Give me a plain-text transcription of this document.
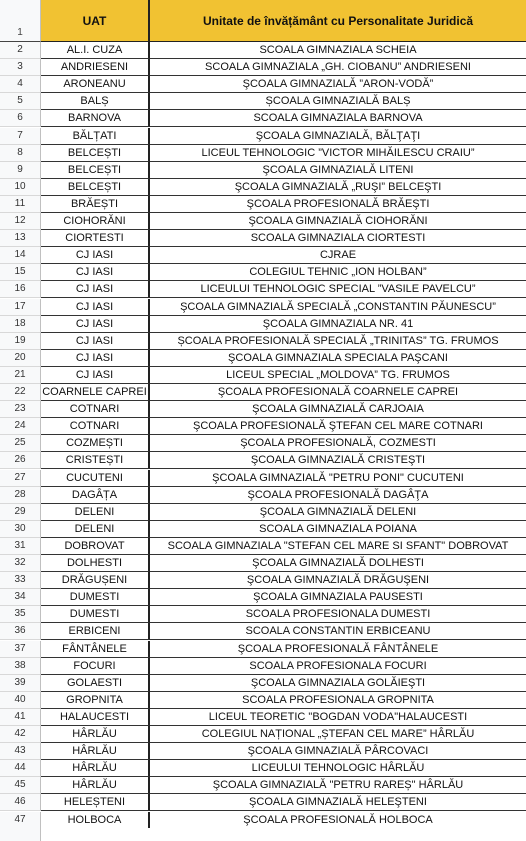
1
UAT	Unitate de învățământ cu Personalitate Juridică
2	AL.I. CUZA	SCOALA GIMNAZIALA SCHEIA
3	ANDRIESENI	SCOALA GIMNAZIALA „GH. CIOBANU” ANDRIESENI
4	ARONEANU	ŞCOALA GIMNAZIALĂ ”ARON-VODĂ”
5	BALȘ	ȘCOALA GIMNAZIALĂ BALȘ
6	BARNOVA	SCOALA GIMNAZIALA BARNOVA
7	BĂLȚATI	ŞCOALA GIMNAZIALĂ, BĂLŢAŢI
8	BELCEȘTI	LICEUL TEHNOLOGIC ”VICTOR MIHĂILESCU CRAIU”
9	BELCEȘTI	ŞCOALA GIMNAZIALĂ LITENI
10	BELCEȘTI	ŞCOALA GIMNAZIALĂ „RUŞI” BELCEŞTI
11	BRĂEȘTI	ŞCOALA PROFESIONALĂ BRĂEŞTI
12	CIOHORĂNI	ŞCOALA GIMNAZIALĂ CIOHORĂNI
13	CIORTESTI	SCOALA GIMNAZIALA CIORTESTI
14	CJ IASI	CJRAE
15	CJ IASI	COLEGIUL TEHNIC „ION HOLBAN”
16	CJ IASI	LICEULUI TEHNOLOGIC SPECIAL ”VASILE PAVELCU”
17	CJ IASI	ŞCOALA GIMNAZIALĂ SPECIALĂ „CONSTANTIN PĂUNESCU”
18	CJ IASI	ŞCOALA GIMNAZIALA NR. 41
19	CJ IASI	ȘCOALA PROFESIONALĂ SPECIALĂ „TRINITAS” TG. FRUMOS
20	CJ IASI	ŞCOALA GIMNAZIALA SPECIALA PAŞCANI
21	CJ IASI	LICEUL SPECIAL „MOLDOVA” TG. FRUMOS
22	COARNELE CAPREI	ŞCOALA PROFESIONALĂ COARNELE CAPREI
23	COTNARI	ŞCOALA GIMNAZIALĂ CARJOAIA
24	COTNARI	ŞCOALA PROFESIONALĂ ŞTEFAN CEL MARE COTNARI
25	COZMEȘTI	ŞCOALA PROFESIONALĂ, COZMESTI
26	CRISTEȘTI	ŞCOALA GIMNAZIALĂ CRISTEŞTI
27	CUCUTENI	ŞCOALA GIMNAZIALĂ "PETRU PONI" CUCUTENI
28	DAGÂȚA	ŞCOALA PROFESIONALĂ DAGÂŢA
29	DELENI	ŞCOALA GIMNAZIALĂ DELENI
30	DELENI	SCOALA GIMNAZIALA POIANA
31	DOBROVAT	SCOALA GIMNAZIALA "STEFAN CEL MARE SI SFANT" DOBROVAT
32	DOLHESTI	ŞCOALA GIMNAZIALĂ DOLHESTI
33	DRĂGUȘENI	ŞCOALA GIMNAZIALĂ DRĂGUŞENI
34	DUMESTI	ŞCOALA GIMNAZIALA PAUSESTI
35	DUMESTI	SCOALA PROFESIONALA DUMESTI
36	ERBICENI	SCOALA CONSTANTIN ERBICEANU
37	FÂNTÂNELE	ŞCOALA PROFESIONALĂ FÂNTÂNELE
38	FOCURI	SCOALA PROFESIONALA FOCURI
39	GOLAESTI	ŞCOALA GIMNAZIALA GOLĂIEŞTI
40	GROPNITA	SCOALA PROFESIONALA GROPNITA
41	HALAUCESTI	LICEUL TEORETIC "BOGDAN VODA"HALAUCESTI
42	HÂRLĂU	COLEGIUL NAȚIONAL „ȘTEFAN CEL MARE” HÂRLĂU
43	HÂRLĂU	ŞCOALA GIMNAZIALĂ PÂRCOVACI
44	HÂRLĂU	LICEULUI TEHNOLOGIC HÂRLĂU
45	HÂRLĂU	ŞCOALA GIMNAZIALĂ "PETRU RAREȘ" HÂRLĂU
46	HELEȘTENI	ŞCOALA GIMNAZIALĂ HELEŞTENI
47	HOLBOCA	ŞCOALA PROFESIONALĂ HOLBOCA
